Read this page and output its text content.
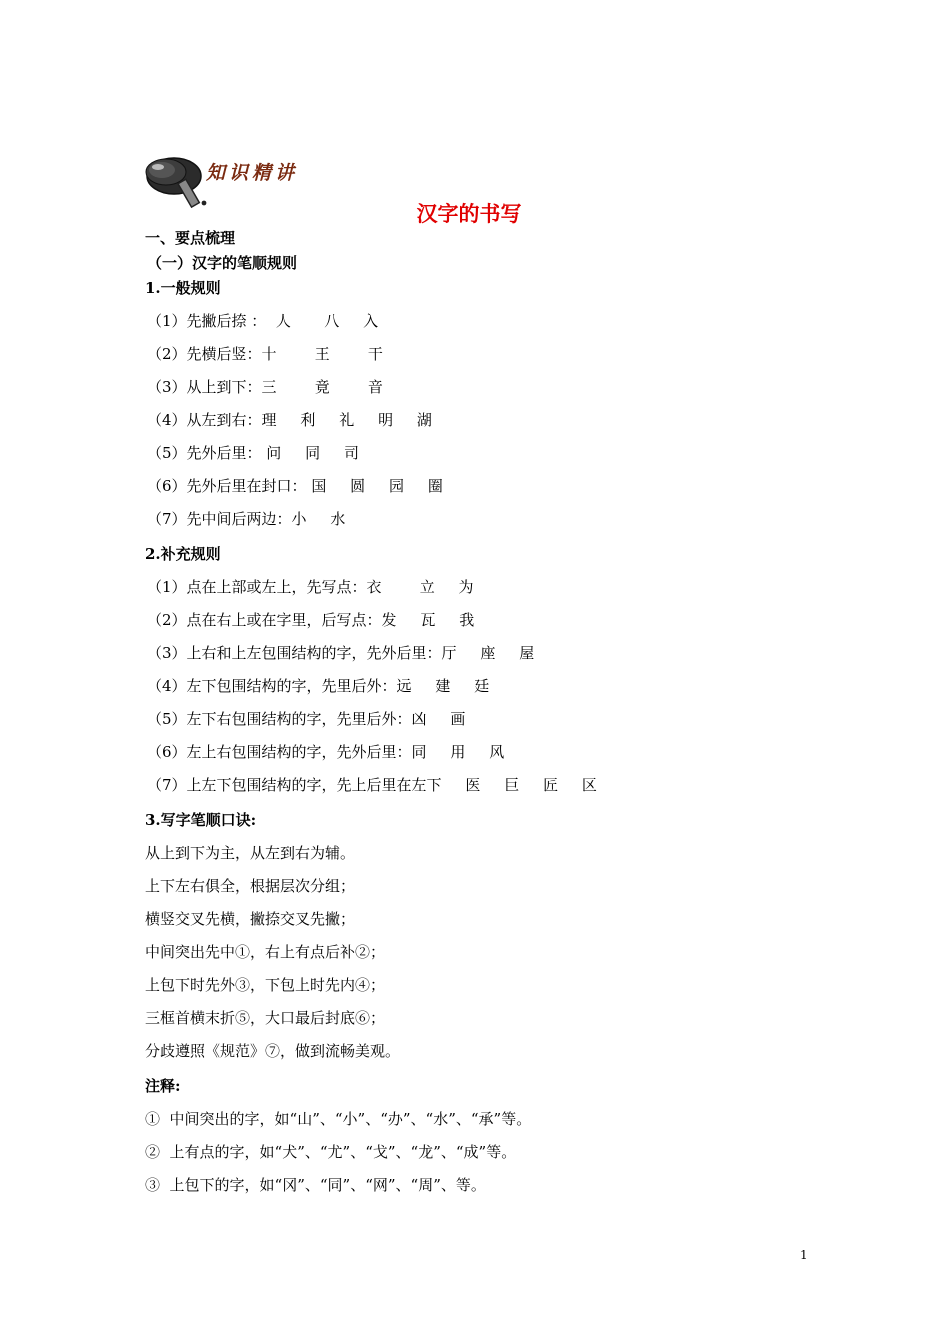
知识精讲
汉字的书写
一、要点梳理
（一）汉字的笔顺规则
1.一般规则
（1）先撇后捺 ：  人       八     入
（2）先横后竖：十        王        干
（3）从上到下：三        竟        音
（4）从左到右：理     利     礼     明     湖
（5）先外后里： 问     同     司
（6）先外后里在封口： 国     圆     园     圈
（7）先中间后两边：小     水
2.补充规则
（1）点在上部或左上，先写点：衣        立     为
（2）点在右上或在字里，后写点：发     瓦     我
（3）上右和上左包围结构的字，先外后里：厅     座     屋
（4）左下包围结构的字，先里后外：远     建     廷
（5）左下右包围结构的字，先里后外：凶     画
（6）左上右包围结构的字，先外后里：同     用     风
（7）上左下包围结构的字，先上后里在左下     医     巨     匠     区
3.写字笔顺口诀:
从上到下为主，从左到右为辅。
上下左右俱全，根据层次分组；
横竖交叉先横，撇捺交叉先撇；
中间突出先中①，右上有点后补②；
上包下时先外③，下包上时先内④；
三框首横末折⑤，大口最后封底⑥；
分歧遵照《规范》⑦，做到流畅美观。
注释:
①  中间突出的字，如“山”、“小”、“办”、“水”、“承”等。
②  上有点的字，如“犬”、“尤”、“戈”、“龙”、“成”等。
③  上包下的字，如“冈”、“同”、“网”、“周”、等。
1
